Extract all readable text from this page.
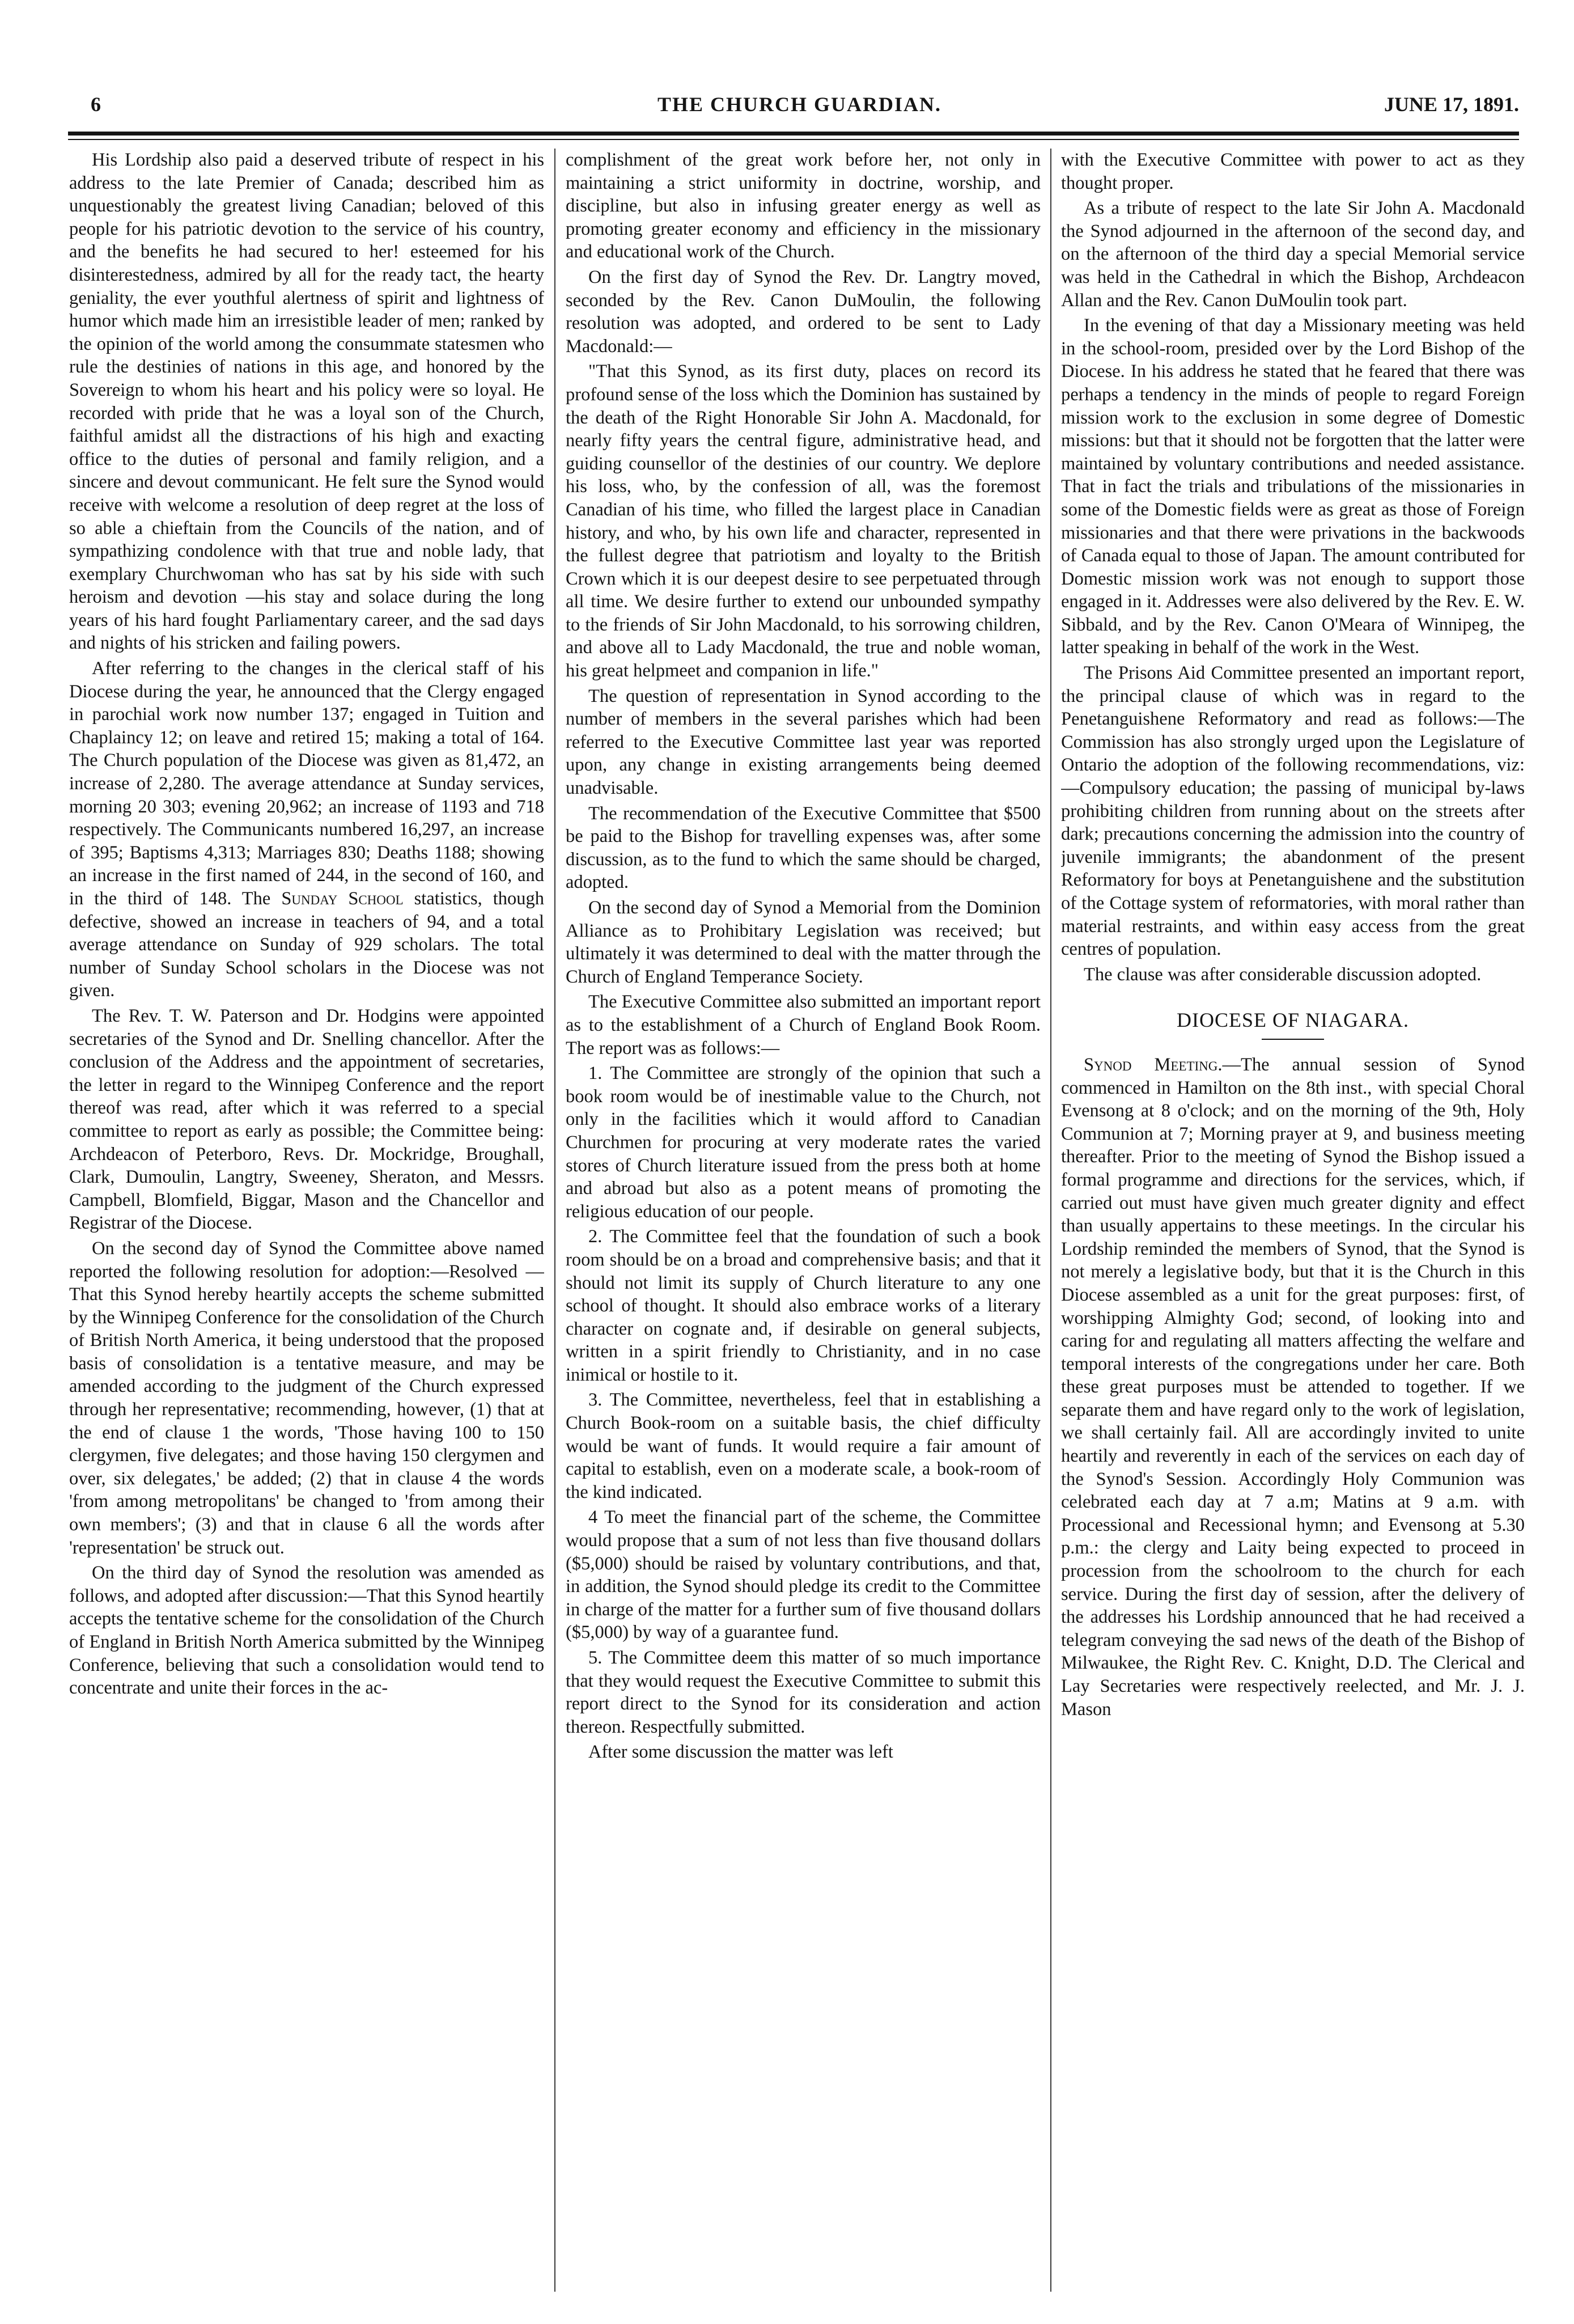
6	THE CHURCH GUARDIAN.	JUNE 17, 1891.

His Lordship also paid a deserved tribute of respect in his address to the late Premier of Canada; described him as unquestionably the greatest living Canadian; beloved of this people for his patriotic devotion to the service of his country, and the benefits he had secured to her! esteemed for his disinterestedness, admired by all for the ready tact, the hearty geniality, the ever youthful alertness of spirit and lightness of humor which made him an irresistible leader of men; ranked by the opinion of the world among the consummate statesmen who rule the destinies of nations in this age, and honored by the Sovereign to whom his heart and his policy were so loyal. He recorded with pride that he was a loyal son of the Church, faithful amidst all the distractions of his high and exacting office to the duties of personal and family religion, and a sincere and devout communicant. He felt sure the Synod would receive with welcome a resolution of deep regret at the loss of so able a chieftain from the Councils of the nation, and of sympathizing condolence with that true and noble lady, that exemplary Churchwoman who has sat by his side with such heroism and devotion —his stay and solace during the long years of his hard fought Parliamentary career, and the sad days and nights of his stricken and failing powers.

After referring to the changes in the clerical staff of his Diocese during the year, he announced that the Clergy engaged in parochial work now number 137; engaged in Tuition and Chaplaincy 12; on leave and retired 15; making a total of 164. The Church population of the Diocese was given as 81,472, an increase of 2,280. The average attendance at Sunday services, morning 20 303; evening 20,962; an increase of 1193 and 718 respectively. The Communicants numbered 16,297, an increase of 395; Baptisms 4,313; Marriages 830; Deaths 1188; showing an increase in the first named of 244, in the second of 160, and in the third of 148. The Sunday School statistics, though defective, showed an increase in teachers of 94, and a total average attendance on Sunday of 929 scholars. The total number of Sunday School scholars in the Diocese was not given.

The Rev. T. W. Paterson and Dr. Hodgins were appointed secretaries of the Synod and Dr. Snelling chancellor. After the conclusion of the Address and the appointment of secretaries, the letter in regard to the Winnipeg Conference and the report thereof was read, after which it was referred to a special committee to report as early as possible; the Committee being: Archdeacon of Peterboro, Revs. Dr. Mockridge, Broughall, Clark, Dumoulin, Langtry, Sweeney, Sheraton, and Messrs. Campbell, Blomfield, Biggar, Mason and the Chancellor and Registrar of the Diocese.

On the second day of Synod the Committee above named reported the following resolution for adoption:—Resolved —That this Synod hereby heartily accepts the scheme submitted by the Winnipeg Conference for the consolidation of the Church of British North America, it being understood that the proposed basis of consolidation is a tentative measure, and may be amended according to the judgment of the Church expressed through her representative; recommending, however, (1) that at the end of clause 1 the words, 'Those having 100 to 150 clergymen, five delegates; and those having 150 clergymen and over, six delegates,' be added; (2) that in clause 4 the words 'from among metropolitans' be changed to 'from among their own members'; (3) and that in clause 6 all the words after 'representation' be struck out.

On the third day of Synod the resolution was amended as follows, and adopted after discussion:—That this Synod heartily accepts the tentative scheme for the consolidation of the Church of England in British North America submitted by the Winnipeg Conference, believing that such a consolidation would tend to concentrate and unite their forces in the ac-

complishment of the great work before her, not only in maintaining a strict uniformity in doctrine, worship, and discipline, but also in infusing greater energy as well as promoting greater economy and efficiency in the missionary and educational work of the Church.

On the first day of Synod the Rev. Dr. Langtry moved, seconded by the Rev. Canon DuMoulin, the following resolution was adopted, and ordered to be sent to Lady Macdonald:—

"That this Synod, as its first duty, places on record its profound sense of the loss which the Dominion has sustained by the death of the Right Honorable Sir John A. Macdonald, for nearly fifty years the central figure, administrative head, and guiding counsellor of the destinies of our country. We deplore his loss, who, by the confession of all, was the foremost Canadian of his time, who filled the largest place in Canadian history, and who, by his own life and character, represented in the fullest degree that patriotism and loyalty to the British Crown which it is our deepest desire to see perpetuated through all time. We desire further to extend our unbounded sympathy to the friends of Sir John Macdonald, to his sorrowing children, and above all to Lady Macdonald, the true and noble woman, his great helpmeet and companion in life."

The question of representation in Synod according to the number of members in the several parishes which had been referred to the Executive Committee last year was reported upon, any change in existing arrangements being deemed unadvisable.

The recommendation of the Executive Committee that $500 be paid to the Bishop for travelling expenses was, after some discussion, as to the fund to which the same should be charged, adopted.

On the second day of Synod a Memorial from the Dominion Alliance as to Prohibitary Legislation was received; but ultimately it was determined to deal with the matter through the Church of England Temperance Society.

The Executive Committee also submitted an important report as to the establishment of a Church of England Book Room. The report was as follows:—

1. The Committee are strongly of the opinion that such a book room would be of inestimable value to the Church, not only in the facilities which it would afford to Canadian Churchmen for procuring at very moderate rates the varied stores of Church literature issued from the press both at home and abroad but also as a potent means of promoting the religious education of our people.

2. The Committee feel that the foundation of such a book room should be on a broad and comprehensive basis; and that it should not limit its supply of Church literature to any one school of thought. It should also embrace works of a literary character on cognate and, if desirable on general subjects, written in a spirit friendly to Christianity, and in no case inimical or hostile to it.

3. The Committee, nevertheless, feel that in establishing a Church Book-room on a suitable basis, the chief difficulty would be want of funds. It would require a fair amount of capital to establish, even on a moderate scale, a book-room of the kind indicated.

4 To meet the financial part of the scheme, the Committee would propose that a sum of not less than five thousand dollars ($5,000) should be raised by voluntary contributions, and that, in addition, the Synod should pledge its credit to the Committee in charge of the matter for a further sum of five thousand dollars ($5,000) by way of a guarantee fund.

5. The Committee deem this matter of so much importance that they would request the Executive Committee to submit this report direct to the Synod for its consideration and action thereon. Respectfully submitted.

After some discussion the matter was left

with the Executive Committee with power to act as they thought proper.

As a tribute of respect to the late Sir John A. Macdonald the Synod adjourned in the afternoon of the second day, and on the afternoon of the third day a special Memorial service was held in the Cathedral in which the Bishop, Archdeacon Allan and the Rev. Canon DuMoulin took part.

In the evening of that day a Missionary meeting was held in the school-room, presided over by the Lord Bishop of the Diocese. In his address he stated that he feared that there was perhaps a tendency in the minds of people to regard Foreign mission work to the exclusion in some degree of Domestic missions: but that it should not be forgotten that the latter were maintained by voluntary contributions and needed assistance. That in fact the trials and tribulations of the missionaries in some of the Domestic fields were as great as those of Foreign missionaries and that there were privations in the backwoods of Canada equal to those of Japan. The amount contributed for Domestic mission work was not enough to support those engaged in it. Addresses were also delivered by the Rev. E. W. Sibbald, and by the Rev. Canon O'Meara of Winnipeg, the latter speaking in behalf of the work in the West.

The Prisons Aid Committee presented an important report, the principal clause of which was in regard to the Penetanguishene Reformatory and read as follows:—The Commission has also strongly urged upon the Legislature of Ontario the adoption of the following recommendations, viz:—Compulsory education; the passing of municipal by-laws prohibiting children from running about on the streets after dark; precautions concerning the admission into the country of juvenile immigrants; the abandonment of the present Reformatory for boys at Penetanguishene and the substitution of the Cottage system of reformatories, with moral rather than material restraints, and within easy access from the great centres of population.

The clause was after considerable discussion adopted.

DIOCESE OF NIAGARA.

Synod Meeting.—The annual session of Synod commenced in Hamilton on the 8th inst., with special Choral Evensong at 8 o'clock; and on the morning of the 9th, Holy Communion at 7; Morning prayer at 9, and business meeting thereafter. Prior to the meeting of Synod the Bishop issued a formal programme and directions for the services, which, if carried out must have given much greater dignity and effect than usually appertains to these meetings. In the circular his Lordship reminded the members of Synod, that the Synod is not merely a legislative body, but that it is the Church in this Diocese assembled as a unit for the great purposes: first, of worshipping Almighty God; second, of looking into and caring for and regulating all matters affecting the welfare and temporal interests of the congregations under her care. Both these great purposes must be attended to together. If we separate them and have regard only to the work of legislation, we shall certainly fail. All are accordingly invited to unite heartily and reverently in each of the services on each day of the Synod's Session. Accordingly Holy Communion was celebrated each day at 7 a.m; Matins at 9 a.m. with Processional and Recessional hymn; and Evensong at 5.30 p.m.: the clergy and Laity being expected to proceed in procession from the schoolroom to the church for each service. During the first day of session, after the delivery of the addresses his Lordship announced that he had received a telegram conveying the sad news of the death of the Bishop of Milwaukee, the Right Rev. C. Knight, D.D. The Clerical and Lay Secretaries were respectively reelected, and Mr. J. J. Mason
